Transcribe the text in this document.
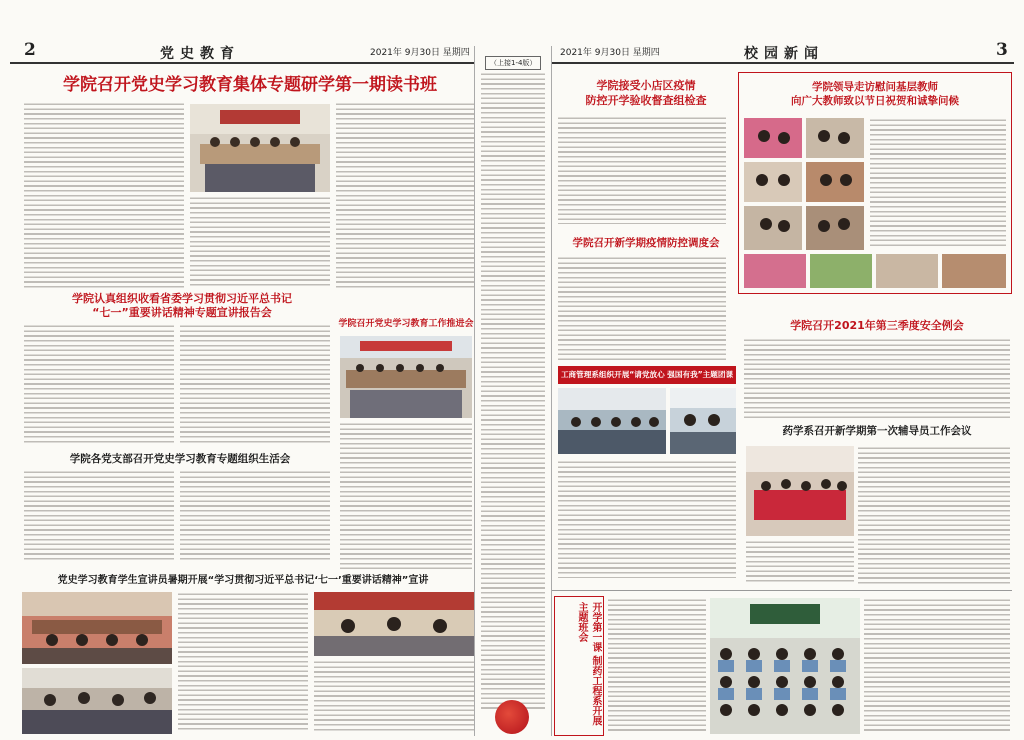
2	党史教育	2021年 9月30日 星期四
学院召开党史学习教育集体专题研学第一期读书班
学院认真组织收看省委学习贯彻习近平总书记
“七一”重要讲话精神专题宣讲报告会
学院召开党史学习教育工作推进会
学院各党支部召开党史学习教育专题组织生活会
党史学习教育学生宣讲员暑期开展“学习贯彻习近平总书记‘七一’重要讲话精神”宣讲
（上接1-4版）
2021年 9月30日 星期四	校园新闻	3
学院接受小店区疫情
防控开学验收督查组检查
学院领导走访慰问基层教师
向广大教师致以节日祝贺和诚挚问候
学院召开新学期疫情防控调度会
学院召开2021年第三季度安全例会
工商管理系组织开展“请党放心 强国有我”主题团课
药学系召开新学期第一次辅导员工作会议
开学第一课 制药工程系开展 主题班会
